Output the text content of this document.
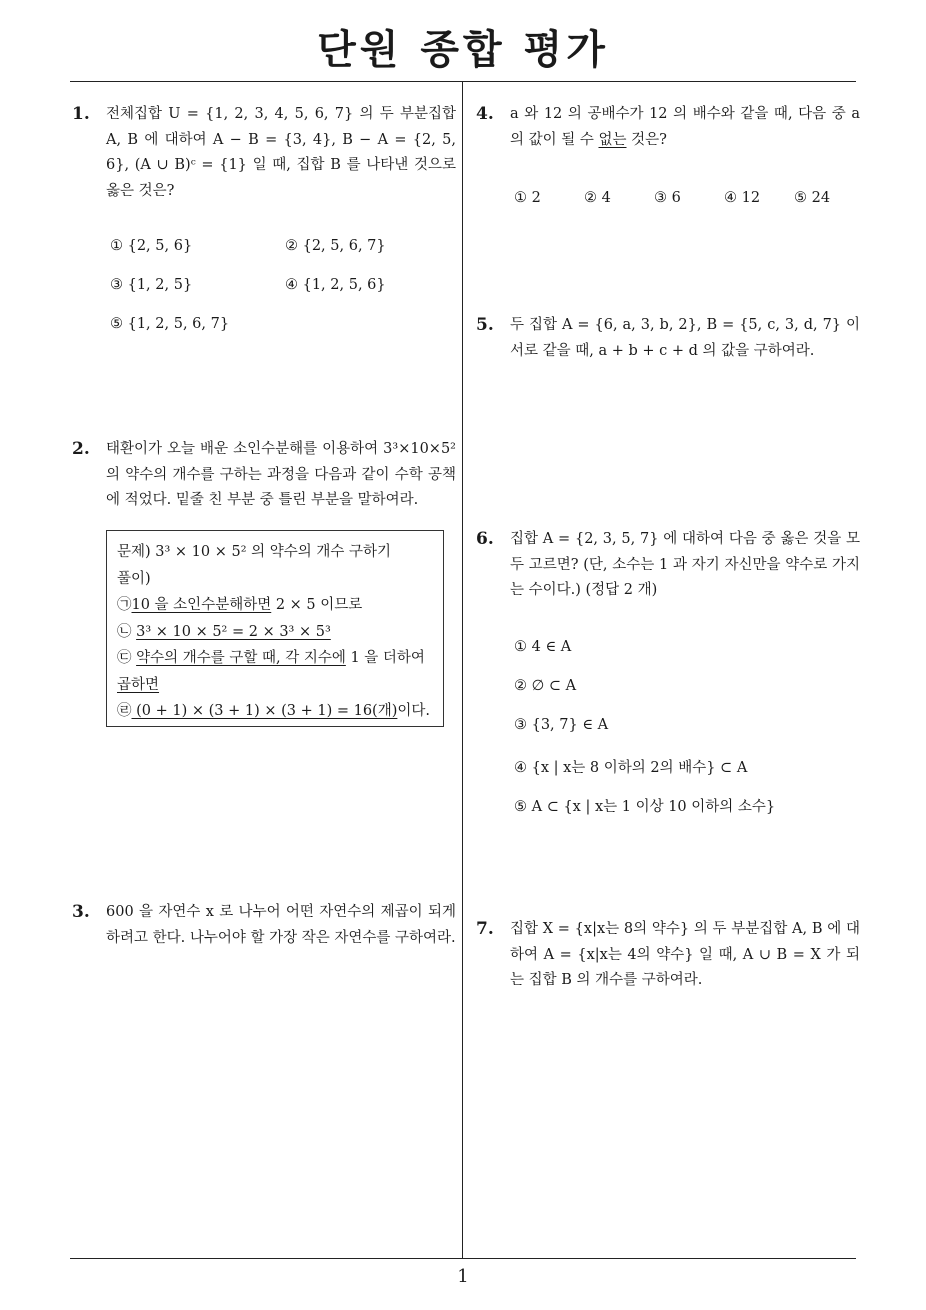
단원 종합 평가
1. 전체집합 U = {1, 2, 3, 4, 5, 6, 7} 의 두 부분집합 A, B 에 대하여 A − B = {3, 4}, B − A = {2, 5, 6}, (A ∪ B)ᶜ = {1} 일 때, 집합 B 를 나타낸 것으로 옳은 것은?
① {2, 5, 6}	② {2, 5, 6, 7}
③ {1, 2, 5}	④ {1, 2, 5, 6}
⑤ {1, 2, 5, 6, 7}
2. 태환이가 오늘 배운 소인수분해를 이용하여 3³×10×5² 의 약수의 개수를 구하는 과정을 다음과 같이 수학 공책에 적었다. 밑줄 친 부분 중 틀린 부분을 말하여라.
문제) 3³ × 10 × 5² 의 약수의 개수 구하기
풀이)
㉠10 을 소인수분해하면 2 × 5 이므로
㉡ 3³ × 10 × 5² = 2 × 3³ × 5³
㉢ 약수의 개수를 구할 때, 각 지수에 1 을 더하여
곱하면
㉣ (0 + 1) × (3 + 1) × (3 + 1) = 16(개)이다.
3. 600 을 자연수 x 로 나누어 어떤 자연수의 제곱이 되게 하려고 한다. 나누어야 할 가장 작은 자연수를 구하여라.
4. a 와 12 의 공배수가 12 의 배수와 같을 때, 다음 중 a 의 값이 될 수 없는 것은?
① 2	② 4	③ 6	④ 12 ⑤ 24
5. 두 집합 A = {6, a, 3, b, 2}, B = {5, c, 3, d, 7} 이 서로 같을 때, a + b + c + d 의 값을 구하여라.
6. 집합 A = {2, 3, 5, 7} 에 대하여 다음 중 옳은 것을 모두 고르면? (단, 소수는 1 과 자기 자신만을 약수로 가지는 수이다.) (정답 2 개)
① 4 ∈ A
② ∅ ⊂ A
③ {3, 7} ∈ A
④ {x | x는 8 이하의 2의 배수} ⊂ A
⑤ A ⊂ {x | x는 1 이상 10 이하의 소수}
7. 집합 X = {x|x는 8의 약수} 의 두 부분집합 A, B 에 대하여 A = {x|x는 4의 약수} 일 때, A ∪ B = X 가 되는 집합 B 의 개수를 구하여라.
1
